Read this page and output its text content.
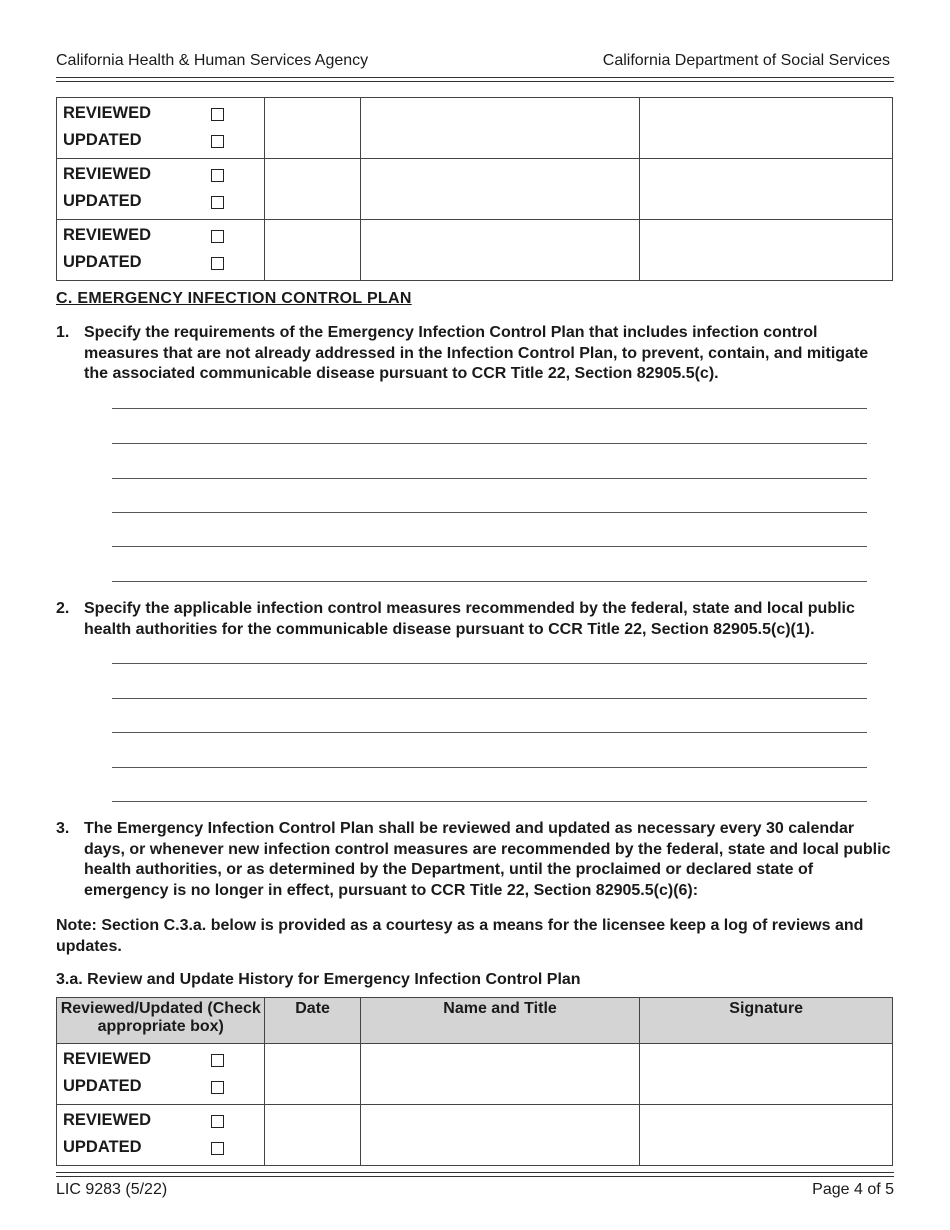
California Health & Human Services Agency	California Department of Social Services
REVIEWED
UPDATED			

REVIEWED
UPDATED			

REVIEWED
UPDATED			

C. EMERGENCY INFECTION CONTROL PLAN
1. Specify the requirements of the Emergency Infection Control Plan that includes infection control measures that are not already addressed in the Infection Control Plan, to prevent, contain, and mitigate the associated communicable disease pursuant to CCR Title 22, Section 82905.5(c).
2. Specify the applicable infection control measures recommended by the federal, state and local public health authorities for the communicable disease pursuant to CCR Title 22, Section 82905.5(c)(1).
3. The Emergency Infection Control Plan shall be reviewed and updated as necessary every 30 calendar days, or whenever new infection control measures are recommended by the federal, state and local public health authorities, or as determined by the Department, until the proclaimed or declared state of emergency is no longer in effect, pursuant to CCR Title 22, Section 82905.5(c)(6):
Note: Section C.3.a. below is provided as a courtesy as a means for the licensee keep a log of reviews and updates.
3.a. Review and Update History for Emergency Infection Control Plan
Reviewed/Updated (Check appropriate box)	Date	Name and Title	Signature

REVIEWED
UPDATED			

REVIEWED
UPDATED			

LIC 9283 (5/22)	Page 4 of 5
